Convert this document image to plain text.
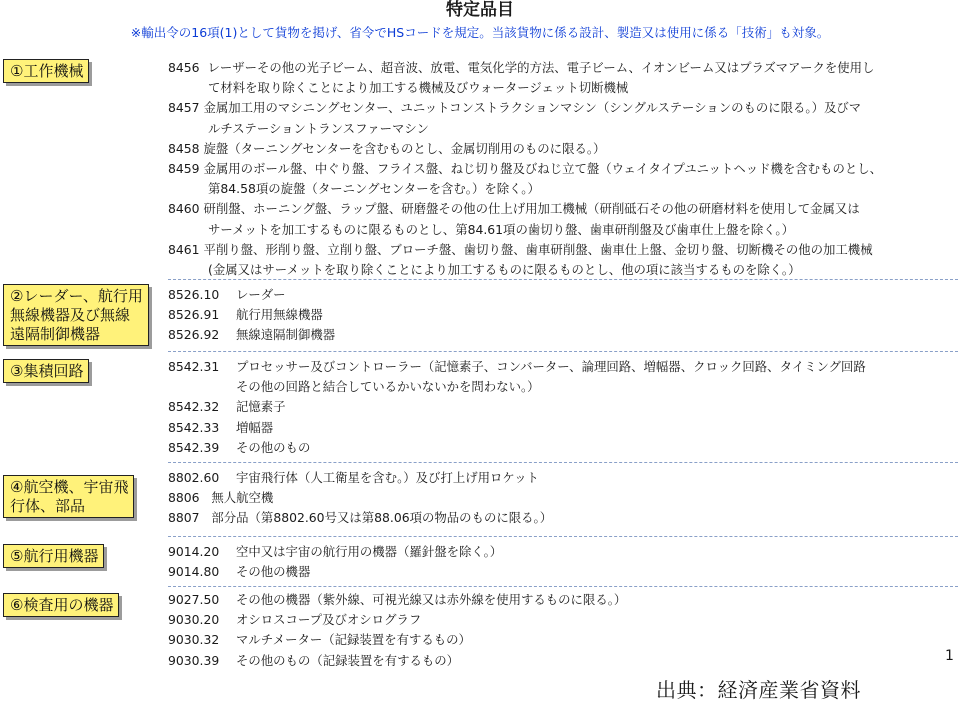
特定品目
※輸出令の16項(1)として貨物を掲げ、省令でHSコードを規定。当該貨物に係る設計、製造又は使用に係る「技術」も対象。
①工作機械
②レーダー、航行用
無線機器及び無線
遠隔制御機器
③集積回路
④航空機、宇宙飛
行体、部品
⑤航行用機器
⑥検査用の機器
8456 レーザーその他の光子ビーム、超音波、放電、電気化学的方法、電子ビーム、イオンビーム又はプラズマアークを使用し
て材料を取り除くことにより加工する機械及びウォータージェット切断機械
8457 金属加工用のマシニングセンター、ユニットコンストラクションマシン（シングルステーションのものに限る。）及びマ
ルチステーショントランスファーマシン
8458 旋盤（ターニングセンターを含むものとし、金属切削用のものに限る。）
8459 金属用のボール盤、中ぐり盤、フライス盤、ねじ切り盤及びねじ立て盤（ウェイタイプユニットヘッド機を含むものとし、
第84.58項の旋盤（ターニングセンターを含む。）を除く。）
8460 研削盤、ホーニング盤、ラップ盤、研磨盤その他の仕上げ用加工機械（研削砥石その他の研磨材料を使用して金属又は
サーメットを加工するものに限るものとし、第84.61項の歯切り盤、歯車研削盤及び歯車仕上盤を除く。）
8461 平削り盤、形削り盤、立削り盤、ブローチ盤、歯切り盤、歯車研削盤、歯車仕上盤、金切り盤、切断機その他の加工機械
(金属又はサーメットを取り除くことにより加工するものに限るものとし、他の項に該当するものを除く。）
8526.10 レーダー
8526.91 航行用無線機器
8526.92 無線遠隔制御機器
8542.31 プロセッサー及びコントローラー（記憶素子、コンバーター、論理回路、増幅器、クロック回路、タイミング回路
その他の回路と結合しているかいないかを問わない。）
8542.32 記憶素子
8542.33 増幅器
8542.39 その他のもの
8802.60 宇宙飛行体（人工衛星を含む。）及び打上げ用ロケット
8806 無人航空機
8807 部分品（第8802.60号又は第88.06項の物品のものに限る。）
9014.20 空中又は宇宙の航行用の機器（羅針盤を除く。）
9014.80 その他の機器
9027.50 その他の機器（紫外線、可視光線又は赤外線を使用するものに限る。）
9030.20 オシロスコープ及びオシログラフ
9030.32 マルチメーター（記録装置を有するもの）
9030.39 その他のもの（記録装置を有するもの）	1
出典：経済産業省資料
